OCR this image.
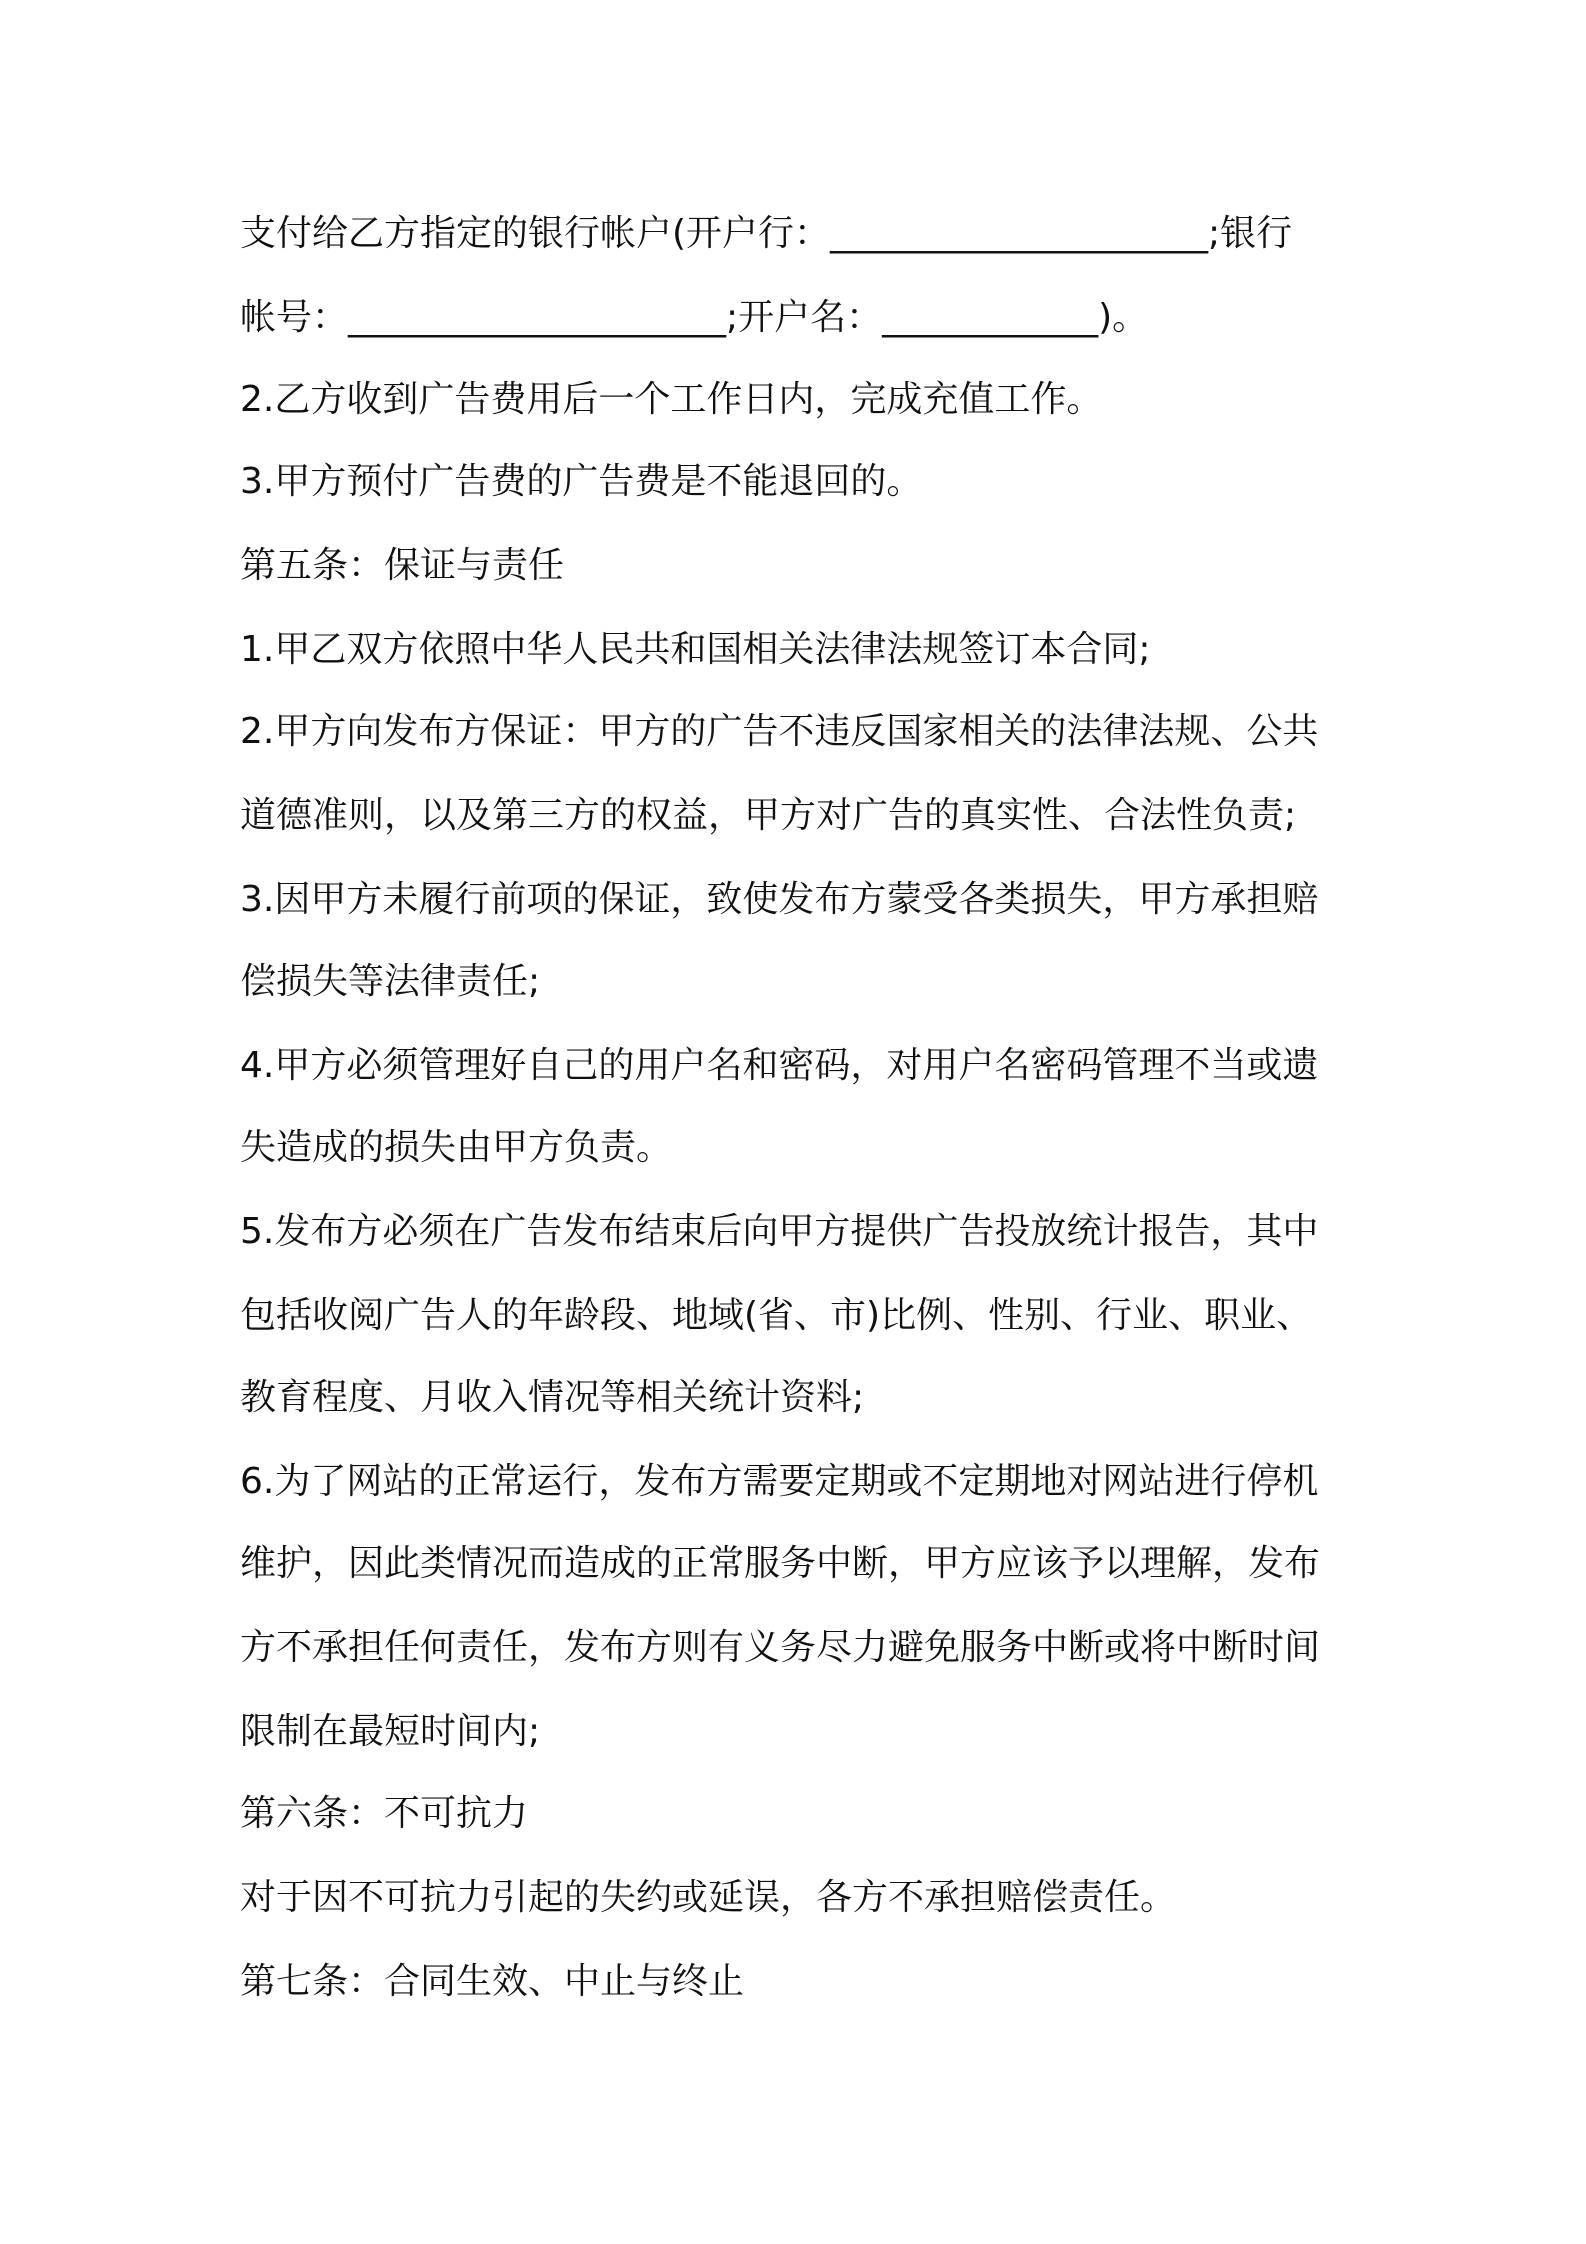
支付给乙方指定的银行帐户(开户行：_____________________;银行
帐号：_____________________;开户名：____________)。
2.乙方收到广告费用后一个工作日内，完成充值工作。
3.甲方预付广告费的广告费是不能退回的。
第五条：保证与责任
1.甲乙双方依照中华人民共和国相关法律法规签订本合同;
2.甲方向发布方保证：甲方的广告不违反国家相关的法律法规、公共
道德准则，以及第三方的权益，甲方对广告的真实性、合法性负责;
3.因甲方未履行前项的保证，致使发布方蒙受各类损失，甲方承担赔
偿损失等法律责任;
4.甲方必须管理好自己的用户名和密码，对用户名密码管理不当或遗
失造成的损失由甲方负责。
5.发布方必须在广告发布结束后向甲方提供广告投放统计报告，其中
包括收阅广告人的年龄段、地域(省、市)比例、性别、行业、职业、
教育程度、月收入情况等相关统计资料;
6.为了网站的正常运行，发布方需要定期或不定期地对网站进行停机
维护，因此类情况而造成的正常服务中断，甲方应该予以理解，发布
方不承担任何责任，发布方则有义务尽力避免服务中断或将中断时间
限制在最短时间内;
第六条：不可抗力
对于因不可抗力引起的失约或延误，各方不承担赔偿责任。
第七条：合同生效、中止与终止
